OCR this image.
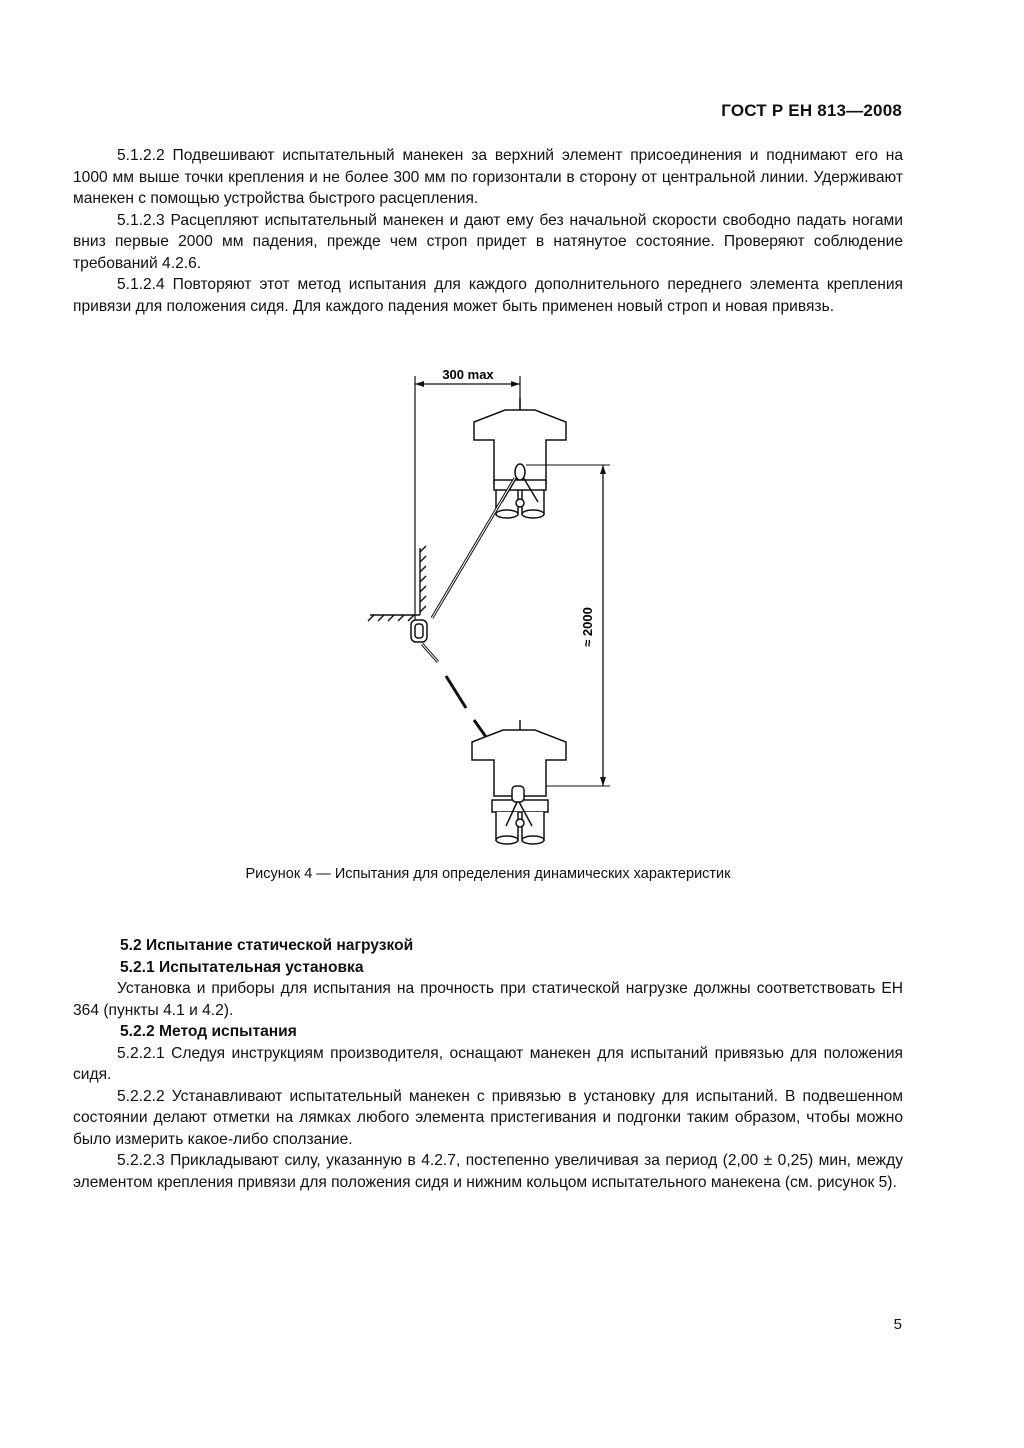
ГОСТ Р ЕН 813—2008

5.1.2.2 Подвешивают испытательный манекен за верхний элемент присоединения и поднимают его на 1000 мм выше точки крепления и не более 300 мм по горизонтали в сторону от центральной линии. Удерживают манекен с помощью устройства быстрого расцепления.

5.1.2.3 Расцепляют испытательный манекен и дают ему без начальной скорости свободно падать ногами вниз первые 2000 мм падения, прежде чем строп придет в натянутое состояние. Проверяют соблюдение требований 4.2.6.

5.1.2.4 Повторяют этот метод испытания для каждого дополнительного переднего элемента крепления привязи для положения сидя. Для каждого падения может быть применен новый строп и новая привязь.

300 max
≈ 2000
Рисунок 4 — Испытания для определения динамических характеристик

5.2 Испытание статической нагрузкой

5.2.1 Испытательная установка

Установка и приборы для испытания на прочность при статической нагрузке должны соответствовать ЕН 364 (пункты 4.1 и 4.2).

5.2.2 Метод испытания

5.2.2.1 Следуя инструкциям производителя, оснащают манекен для испытаний привязью для положения сидя.

5.2.2.2 Устанавливают испытательный манекен с привязью в установку для испытаний. В подвешенном состоянии делают отметки на лямках любого элемента пристегивания и подгонки таким образом, чтобы можно было измерить какое-либо сползание.

5.2.2.3 Прикладывают силу, указанную в 4.2.7, постепенно увеличивая за период (2,00 ± 0,25) мин, между элементом крепления привязи для положения сидя и нижним кольцом испытательного манекена (см. рисунок 5).

5
